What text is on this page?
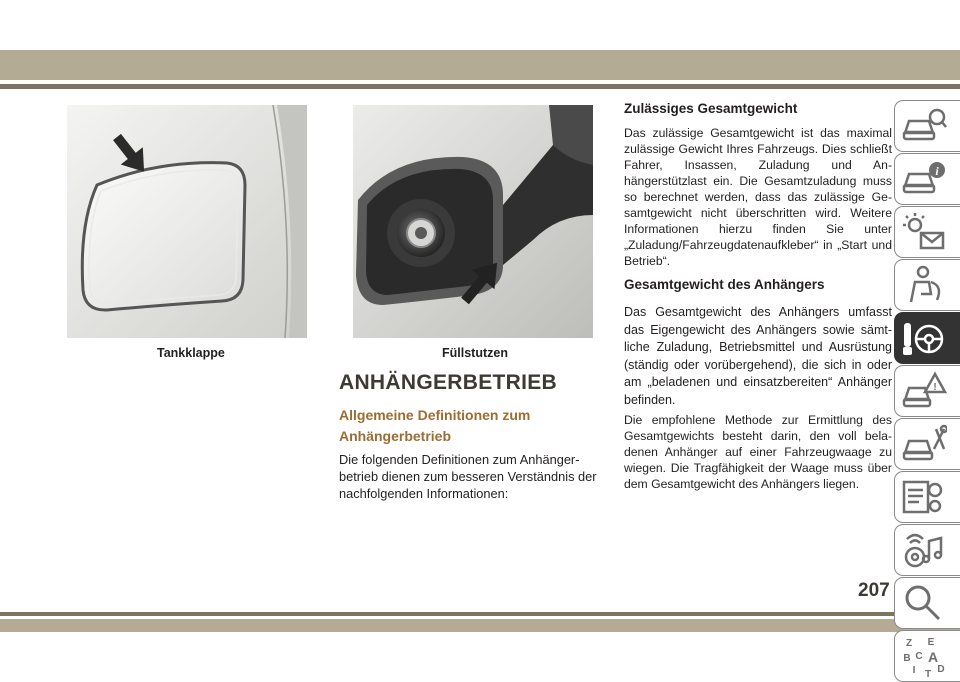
Tankklappe	Füllstutzen
ANHÄNGERBETRIEB
Allgemeine Definitionen zum Anhängerbetrieb

Die folgenden Definitionen zum Anhängerbetrieb dienen zum besseren Verständnis der nachfolgenden Informationen:

Zulässiges Gesamtgewicht

Das zulässige Gesamtgewicht ist das maximal zulässige Gewicht Ihres Fahrzeugs. Dies schließt Fahrer, Insassen, Zuladung und Anhängerstützlast ein. Die Gesamtzuladung muss so berechnet werden, dass das zulässige Gesamtgewicht nicht überschritten wird. Weitere Informationen hierzu finden Sie unter „Zuladung/Fahrzeugdatenaufkleber“ in „Start und Betrieb“.

Gesamtgewicht des Anhängers

Das Gesamtgewicht des Anhängers umfasst das Eigengewicht des Anhängers sowie sämtliche Zuladung, Betriebsmittel und Ausrüstung (ständig oder vorübergehend), die sich in oder am „beladenen und einsatzbereiten“ Anhänger befinden.

Die empfohlene Methode zur Ermittlung des Gesamtgewichts besteht darin, den voll beladenen Anhänger auf einer Fahrzeugwaage zu wiegen. Die Tragfähigkeit der Waage muss über dem Gesamtgewicht des Anhängers liegen.

207
i
!
Z E
B A
C
D
T
I
